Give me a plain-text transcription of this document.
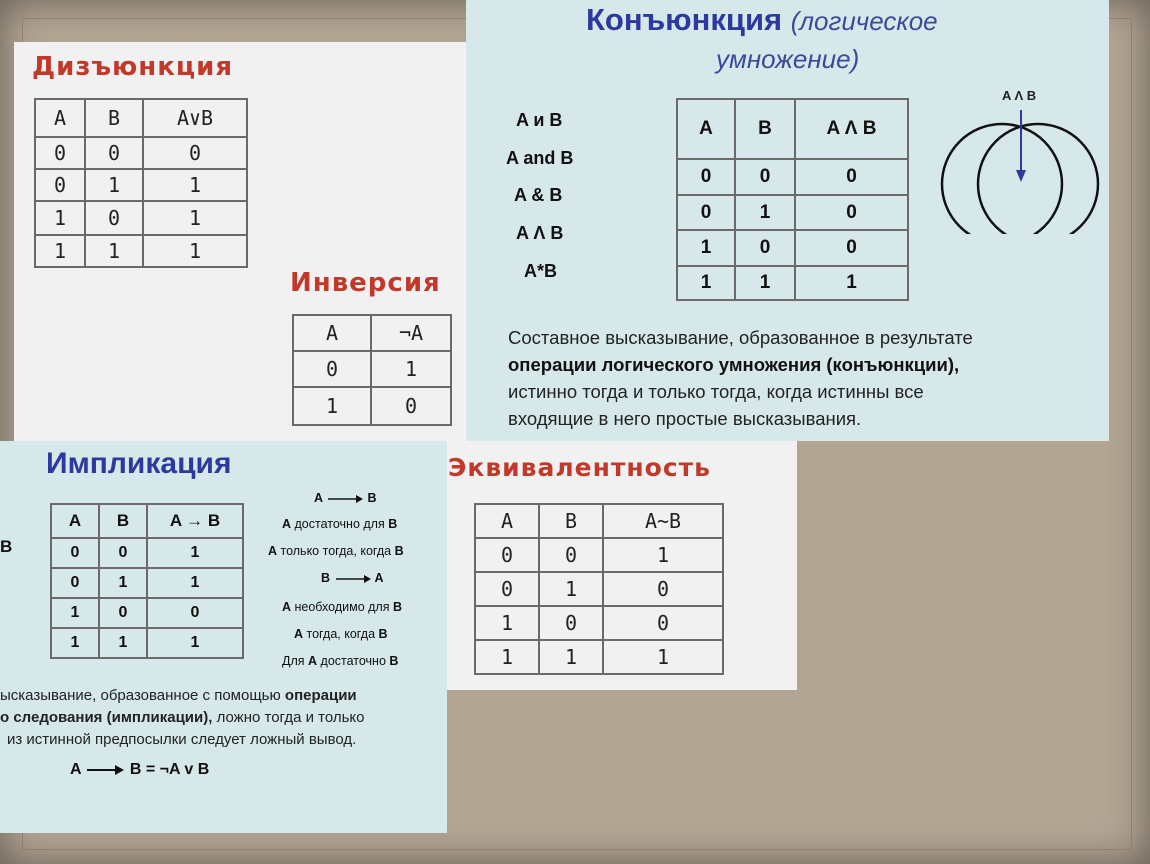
Дизъюнкция
A	B	A∨B
0	0	0
0	1	1
1	0	1
1	1	1
Инверсия
A	¬A
0	1
1	0
Конъюнкция (логическое
умножение)
A и B
A and B
A & B
A Λ B
A*B
A	B	A Λ B
0	0	0
0	1	0
1	0	0
1	1	1
A Λ B
Составное высказывание, образованное в результате
операции логического умножения (конъюнкции),
истинно тогда и только тогда, когда истинны все
входящие в него простые высказывания.
Эквивалентность
A	B	A~B
0	0	1
0	1	0
1	0	0
1	1	1
Импликация
B
A	B	A → B
0	0	1
0	1	1
1	0	0
1	1	1
A	B
A достаточно для B
A только тогда, когда B
B	A
A необходимо для B
A тогда, когда B
Для A достаточно B
ысказывание, образованное с помощью операции
о следования (импликации), ложно тогда и только
из истинной предпосылки следует ложный вывод.
A	B = ¬A v B
